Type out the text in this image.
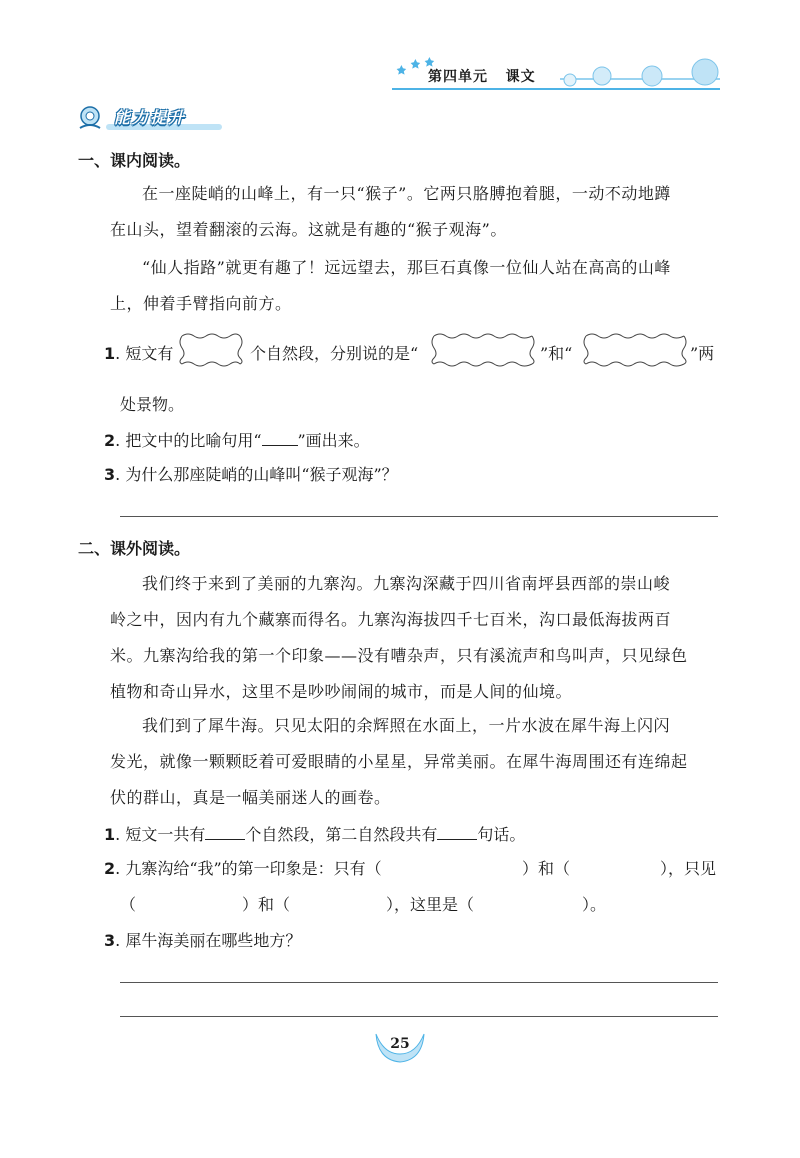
第四单元 课文
能力提升
一、课内阅读。
在一座陡峭的山峰上，有一只“猴子”。它两只胳膊抱着腿，一动不动地蹲
在山头，望着翻滚的云海。这就是有趣的“猴子观海”。
“仙人指路”就更有趣了！远远望去，那巨石真像一位仙人站在高高的山峰
上，伸着手臂指向前方。
1. 短文有	个自然段，分别说的是“	”和“	”两
处景物。
2. 把文中的比喻句用“ ”画出来。
3. 为什么那座陡峭的山峰叫“猴子观海”？
二、课外阅读。
我们终于来到了美丽的九寨沟。九寨沟深藏于四川省南坪县西部的崇山峻
岭之中，因内有九个藏寨而得名。九寨沟海拔四千七百米，沟口最低海拔两百
米。九寨沟给我的第一个印象——没有嘈杂声，只有溪流声和鸟叫声，只见绿色
植物和奇山异水，这里不是吵吵闹闹的城市，而是人间的仙境。
我们到了犀牛海。只见太阳的余辉照在水面上，一片水波在犀牛海上闪闪
发光，就像一颗颗眨着可爱眼睛的小星星，异常美丽。在犀牛海周围还有连绵起
伏的群山，真是一幅美丽迷人的画卷。
1. 短文一共有	个自然段，第二自然段共有	句话。
2. 九寨沟给“我”的第一印象是：只有（	）和（	），只见
（	）和（	），这里是（	）。
3. 犀牛海美丽在哪些地方？
25
